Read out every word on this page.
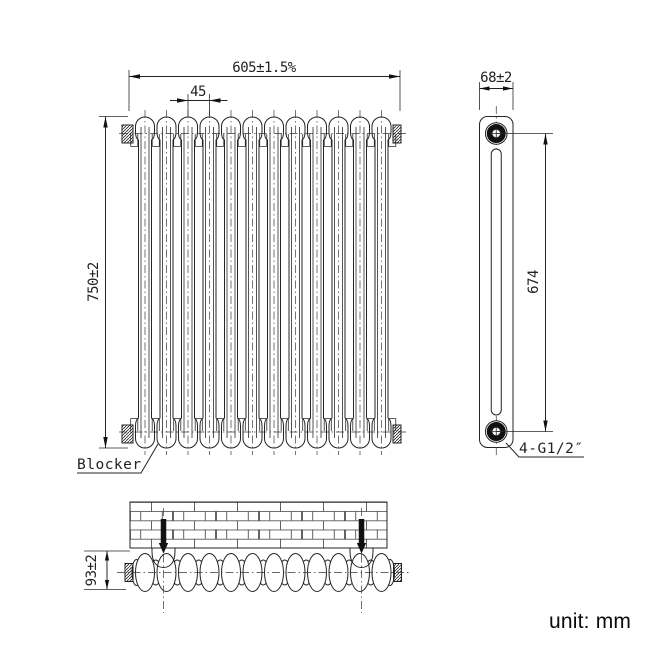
605±1.5%
45
750±2
Blocker
68±2
674
4-G1/2″
93±2
unit: mm
